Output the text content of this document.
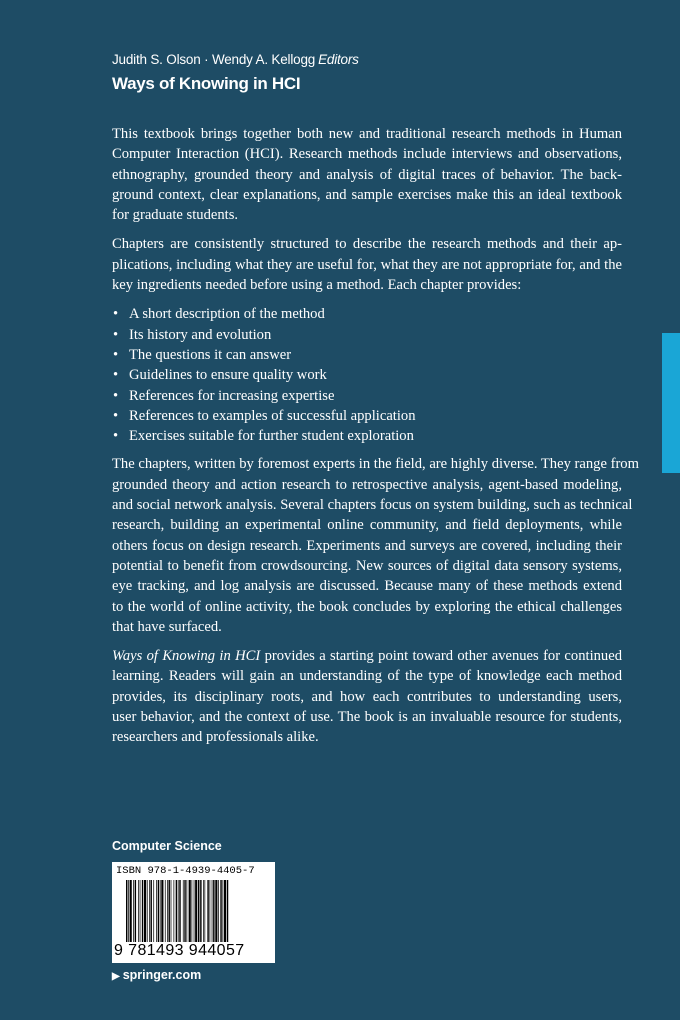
Judith S. Olson · Wendy A. Kellogg Editors
Ways of Knowing in HCI

This textbook brings together both new and traditional research methods in Human
Computer Interaction (HCI). Research methods include interviews and observations,
ethnography, grounded theory and analysis of digital traces of behavior. The back-
ground context, clear explanations, and sample exercises make this an ideal textbook
for graduate students.

Chapters are consistently structured to describe the research methods and their ap-
plications, including what they are useful for, what they are not appropriate for, and the
key ingredients needed before using a method. Each chapter provides:

• A short description of the method
• Its history and evolution
• The questions it can answer
• Guidelines to ensure quality work
• References for increasing expertise
• References to examples of successful application
• Exercises suitable for further student exploration

The chapters, written by foremost experts in the field, are highly diverse. They range from
grounded theory and action research to retrospective analysis, agent-based modeling,
and social network analysis. Several chapters focus on system building, such as technical
research, building an experimental online community, and field deployments, while
others focus on design research. Experiments and surveys are covered, including their
potential to benefit from crowdsourcing. New sources of digital data sensory systems,
eye tracking, and log analysis are discussed. Because many of these methods extend
to the world of online activity, the book concludes by exploring the ethical challenges
that have surfaced.

Ways of Knowing in HCI provides a starting point toward other avenues for continued
learning. Readers will gain an understanding of the type of knowledge each method
provides, its disciplinary roots, and how each contributes to understanding users,
user behavior, and the context of use. The book is an invaluable resource for students,
researchers and professionals alike.

Computer Science
ISBN 978-1-4939-4405-7
9 781493 944057
▶ springer.com
